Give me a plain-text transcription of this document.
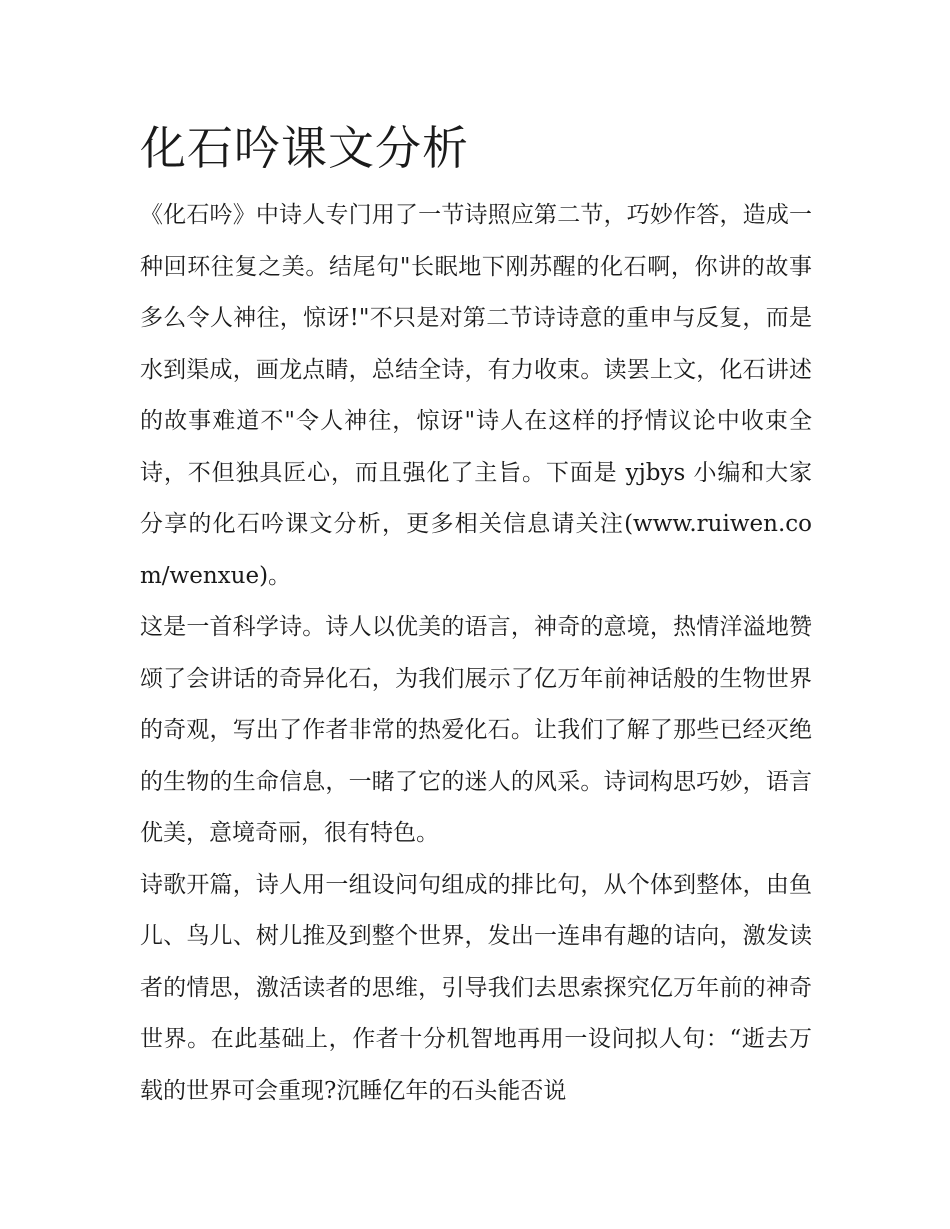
化石吟课文分析

《化石吟》中诗人专门用了一节诗照应第二节，巧妙作答，造成一种回环往复之美。结尾句"长眠地下刚苏醒的化石啊，你讲的故事多么令人神往，惊讶!"不只是对第二节诗诗意的重申与反复，而是水到渠成，画龙点睛，总结全诗，有力收束。读罢上文，化石讲述的故事难道不"令人神往，惊讶"诗人在这样的抒情议论中收束全诗，不但独具匠心，而且强化了主旨。下面是 yjbys 小编和大家分享的化石吟课文分析，更多相关信息请关注(www.ruiwen.com/wenxue)。

这是一首科学诗。诗人以优美的语言，神奇的意境，热情洋溢地赞颂了会讲话的奇异化石，为我们展示了亿万年前神话般的生物世界的奇观，写出了作者非常的热爱化石。让我们了解了那些已经灭绝的生物的生命信息，一睹了它的迷人的风采。诗词构思巧妙，语言优美，意境奇丽，很有特色。

诗歌开篇，诗人用一组设问句组成的排比句，从个体到整体，由鱼儿、鸟儿、树儿推及到整个世界，发出一连串有趣的诘向，激发读者的情思，激活读者的思维，引导我们去思索探究亿万年前的神奇世界。在此基础上，作者十分机智地再用一设问拟人句：“逝去万载的世界可会重现?沉睡亿年的石头能否说
